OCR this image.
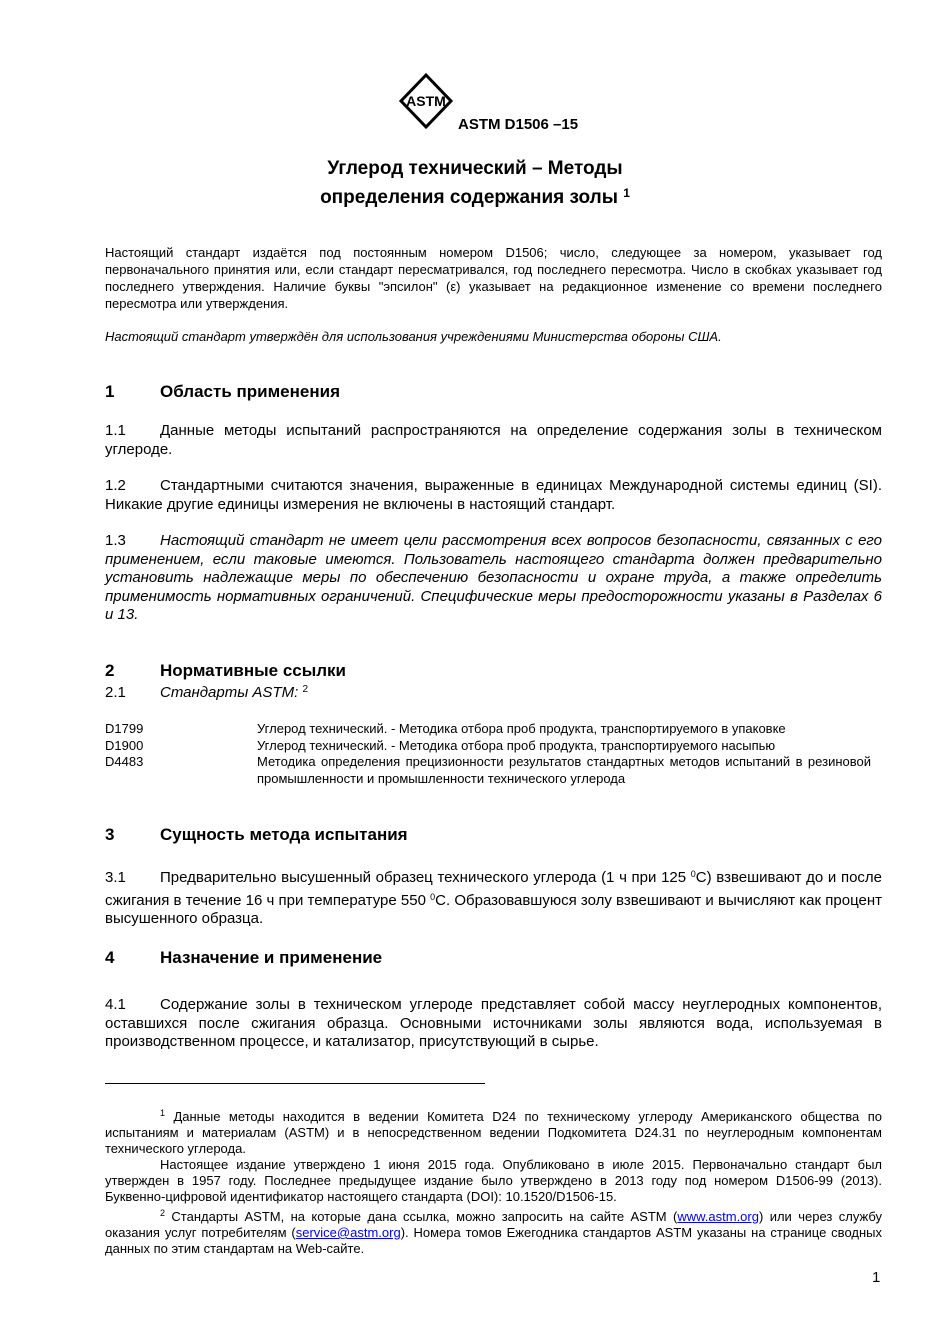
ASTM
ASTM D1506 –15
Углерод технический – Методы
определения содержания золы $^1$
Настоящий стандарт издаётся под постоянным номером D1506; число, следующее за номером, указывает год первоначального принятия или, если стандарт пересматривался, год последнего пересмотра. Число в скобках указывает год последнего утверждения. Наличие буквы "эпсилон" (ε) указывает на редакционное изменение со времени последнего пересмотра или утверждения.
Настоящий стандарт утверждён для использования учреждениями Министерства обороны США.
1	Область применения
1.1 Данные методы испытаний распространяются на определение содержания золы в техническом углероде.
1.2 Стандартными считаются значения, выраженные в единицах Международной системы единиц (SI). Никакие другие единицы измерения не включены в настоящий стандарт.
1.3 Настоящий стандарт не имеет цели рассмотрения всех вопросов безопасности, связанных с его применением, если таковые имеются. Пользователь настоящего стандарта должен предварительно установить надлежащие меры по обеспечению безопасности и охране труда, а также определить применимость нормативных ограничений. Специфические меры предосторожности указаны в Разделах 6 и 13.
2	Нормативные ссылки
2.1 Стандарты ASTM: $^2$
D1799	Углерод технический. - Методика отбора проб продукта, транспортируемого в упаковке
D1900	Углерод технический. - Методика отбора проб продукта, транспортируемого насыпью
D4483	Методика определения прецизионности результатов стандартных методов испытаний в резиновой промышленности и промышленности технического углерода
3	Сущность метода испытания
3.1 Предварительно высушенный образец технического углерода (1 ч при 125 $^0$С) взвешивают до и после сжигания в течение 16 ч при температуре 550 $^0$С. Образовавшуюся золу взвешивают и вычисляют как процент высушенного образца.
4	Назначение и применение
4.1 Содержание золы в техническом углероде представляет собой массу неуглеродных компонентов, оставшихся после сжигания образца. Основными источниками золы являются вода, используемая в производственном процессе, и катализатор, присутствующий в сырье.
$^1$ Данные методы находится в ведении Комитета D24 по техническому углероду Американского общества по испытаниям и материалам (ASTM) и в непосредственном ведении Подкомитета D24.31 по неуглеродным компонентам технического углерода.
Настоящее издание утверждено 1 июня 2015 года. Опубликовано в июле 2015. Первоначально стандарт был утвержден в 1957 году. Последнее предыдущее издание было утверждено в 2013 году под номером D1506-99 (2013). Буквенно-цифровой идентификатор настоящего стандарта (DOI): 10.1520/D1506-15.
$^2$ Стандарты ASTM, на которые дана ссылка, можно запросить на сайте ASTM (www.astm.org) или через службу оказания услуг потребителям (service@astm.org). Номера томов Ежегодника стандартов ASTM указаны на странице сводных данных по этим стандартам на Web-сайте.
1
